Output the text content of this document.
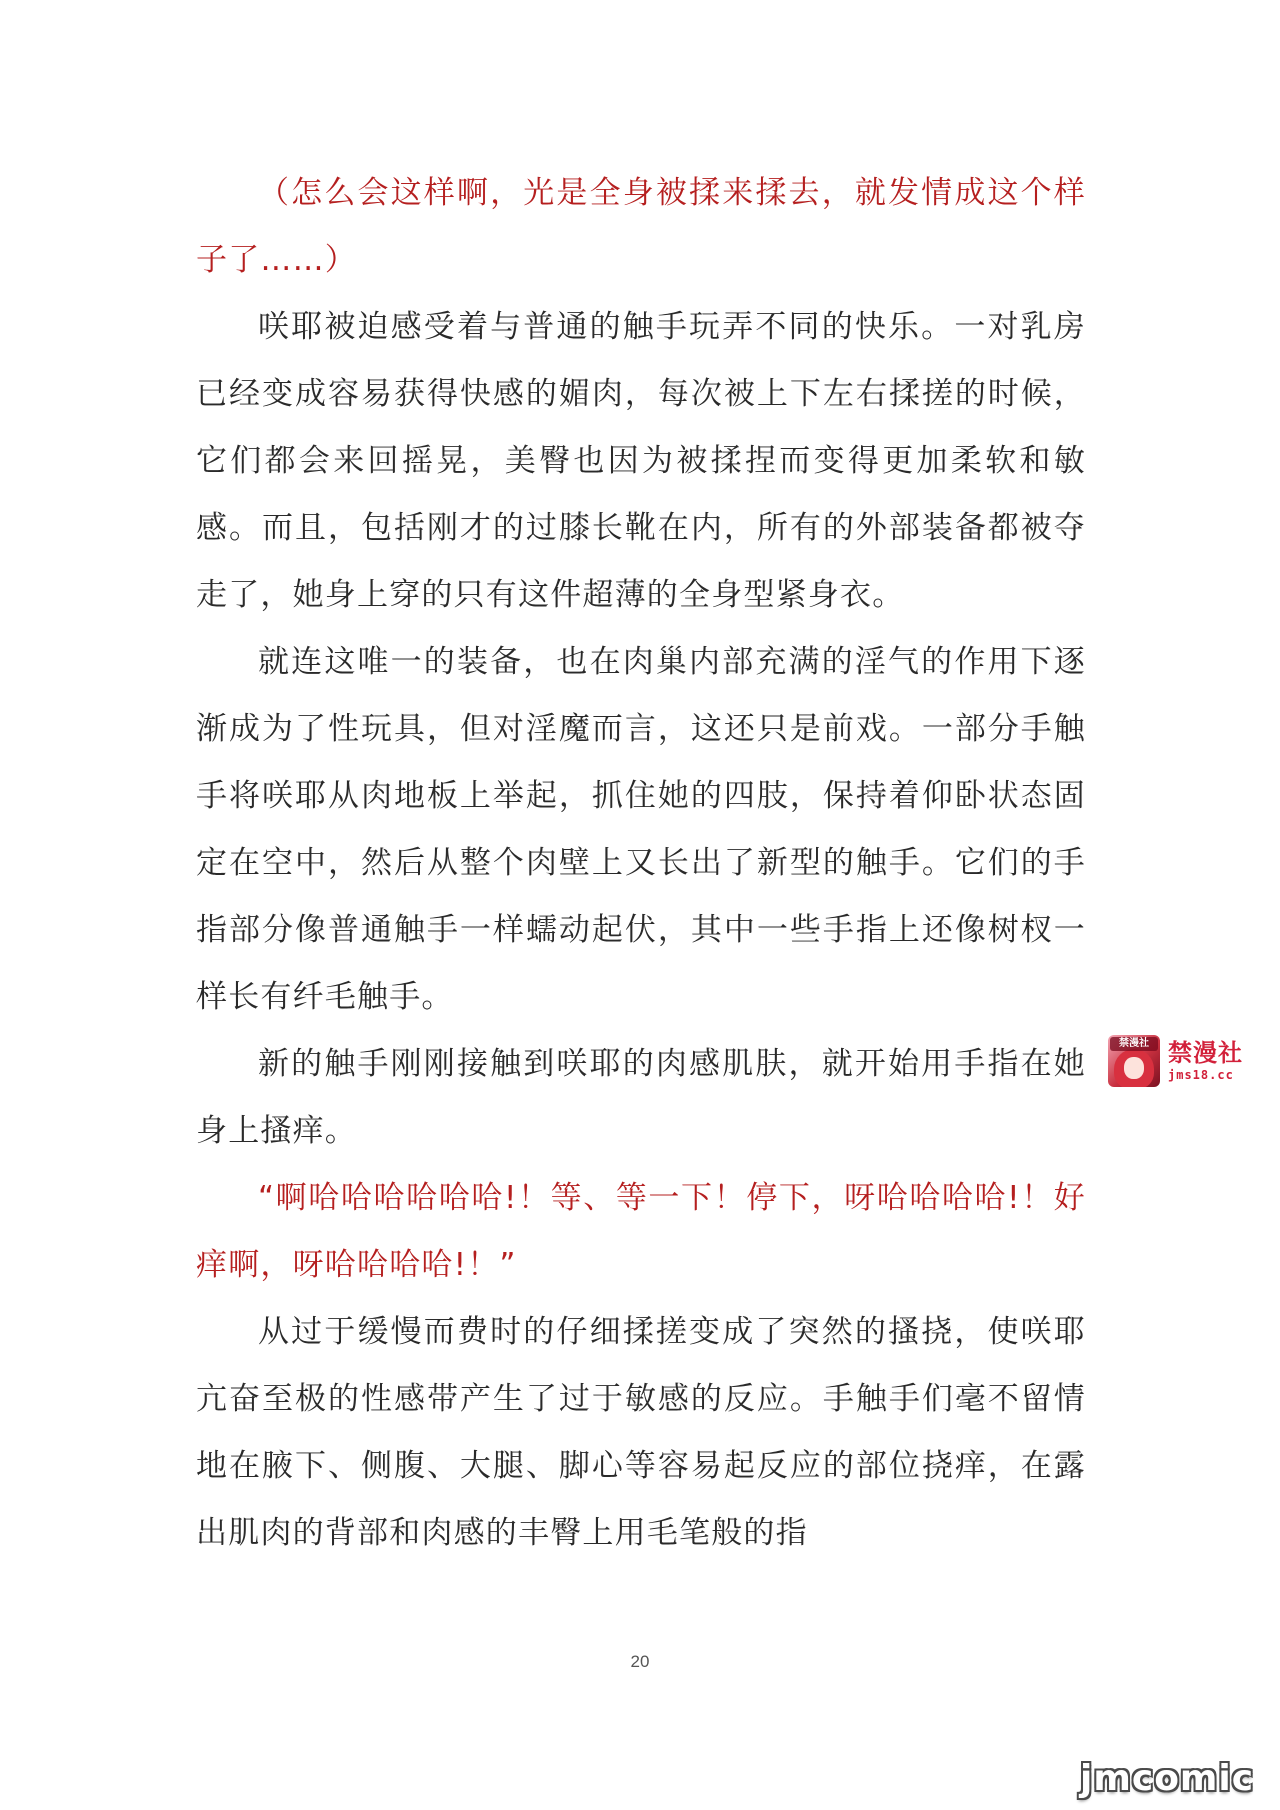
（怎么会这样啊，光是全身被揉来揉去，就发情成这个样子了……）

咲耶被迫感受着与普通的触手玩弄不同的快乐。一对乳房已经变成容易获得快感的媚肉，每次被上下左右揉搓的时候，它们都会来回摇晃，美臀也因为被揉捏而变得更加柔软和敏感。而且，包括刚才的过膝长靴在内，所有的外部装备都被夺走了，她身上穿的只有这件超薄的全身型紧身衣。

就连这唯一的装备，也在肉巢内部充满的淫气的作用下逐渐成为了性玩具，但对淫魔而言，这还只是前戏。一部分手触手将咲耶从肉地板上举起，抓住她的四肢，保持着仰卧状态固定在空中，然后从整个肉壁上又长出了新型的触手。它们的手指部分像普通触手一样蠕动起伏，其中一些手指上还像树杈一样长有纤毛触手。

新的触手刚刚接触到咲耶的肉感肌肤，就开始用手指在她身上搔痒。

“啊哈哈哈哈哈哈!！等、等一下！停下，呀哈哈哈哈!！好痒啊，呀哈哈哈哈!！”

从过于缓慢而费时的仔细揉搓变成了突然的搔挠，使咲耶亢奋至极的性感带产生了过于敏感的反应。手触手们毫不留情地在腋下、侧腹、大腿、脚心等容易起反应的部位挠痒，在露出肌肉的背部和肉感的丰臀上用毛笔般的指

20
禁漫社 禁漫社
jms18.cc
jmcomic
